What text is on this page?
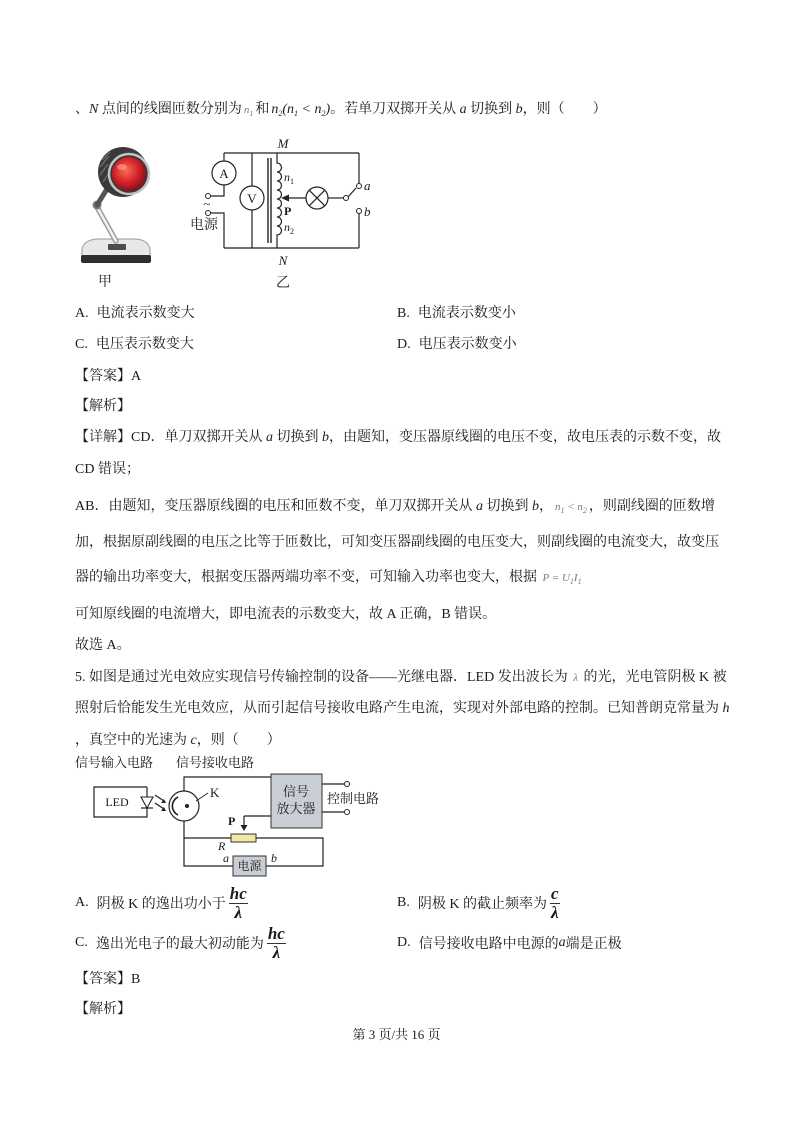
、N 点间的线圈匝数分别为 $n_1$ 和 $n_2(n_1 < n_2)$。若单刀双掷开关从 a 切换到 b，则（　　）
甲
A
V
M
N
$n_1$
$n_2$
P
a
b
~
电源
乙
A. 电流表示数变大	B. 电流表示数变小
C. 电压表示数变大	D. 电压表示数变小
【答案】A
【解析】
【详解】CD．单刀双掷开关从 a 切换到 b，由题知，变压器原线圈的电压不变，故电压表的示数不变，故
CD 错误；
AB．由题知，变压器原线圈的电压和匝数不变，单刀双掷开关从 a 切换到 b， $n_1 < n_2$ ，则副线圈的匝数增
加，根据原副线圈的电压之比等于匝数比，可知变压器副线圈的电压变大，则副线圈的电流变大，故变压
器的输出功率变大，根据变压器两端功率不变，可知输入功率也变大，根据 $P = U_1I_1$
可知原线圈的电流增大，即电流表的示数变大，故 A 正确，B 错误。
故选 A。
5. 如图是通过光电效应实现信号传输控制的设备——光继电器．LED 发出波长为 λ 的光，光电管阴极 K 被
照射后恰能发生光电效应，从而引起信号接收电路产生电流，实现对外部电路的控制。已知普朗克常量为 h
，真空中的光速为 c，则（　　）
信号输入电路 信号接收电路
LED
K	信号
放大器
控制电路
P
R
a
电源
b
A. 阴极 K 的逸出功小于 $\frac{hc}{\lambda}$	B. 阴极 K 的截止频率为 $\frac{c}{\lambda}$
C. 逸出光电子的最大初动能为 $\frac{hc}{\lambda}$	D. 信号接收电路中电源的 a 端是正极
【答案】B
【解析】
第 3 页/共 16 页
